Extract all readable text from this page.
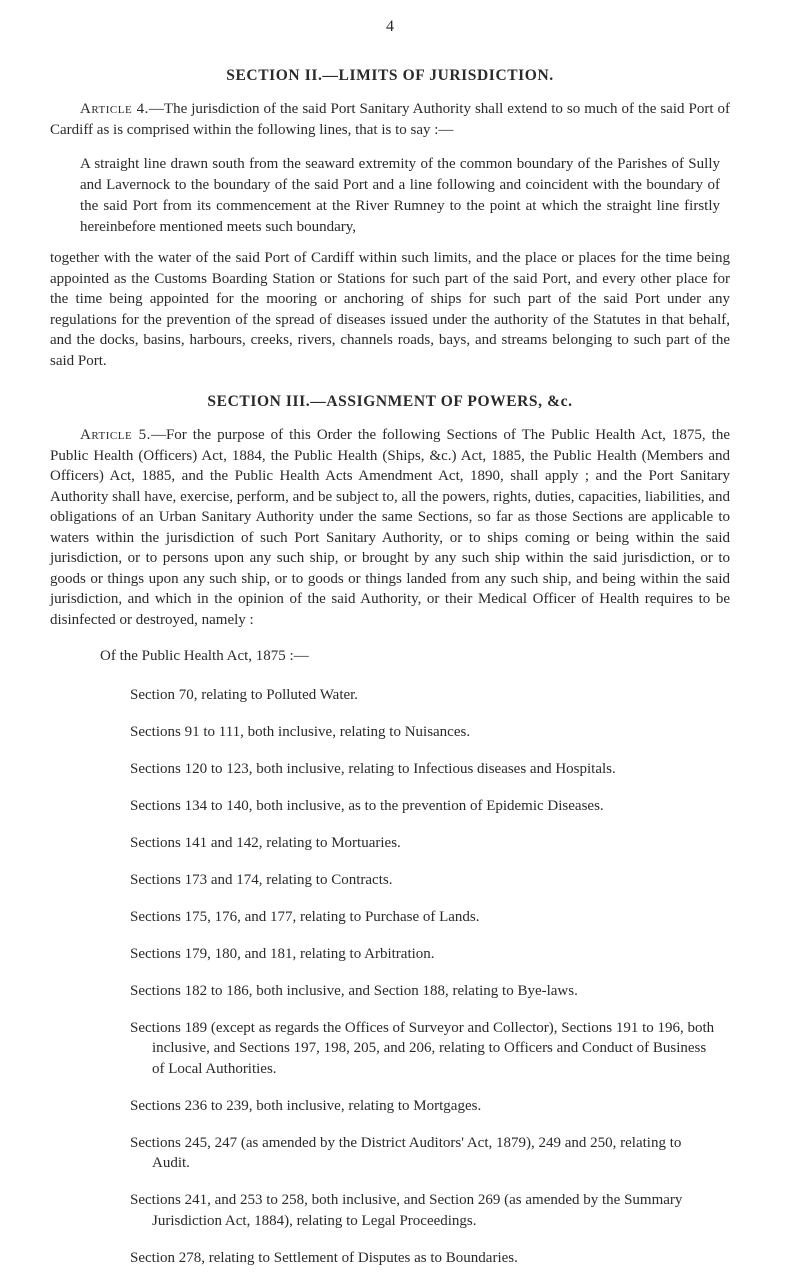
4
SECTION II.—LIMITS OF JURISDICTION.

Article 4.—The jurisdiction of the said Port Sanitary Authority shall extend to so much of the said Port of Cardiff as is comprised within the following lines, that is to say :—

A straight line drawn south from the seaward extremity of the common boundary of the Parishes of Sully and Lavernock to the boundary of the said Port and a line following and coincident with the boundary of the said Port from its commencement at the River Rumney to the point at which the straight line firstly hereinbefore mentioned meets such boundary,

together with the water of the said Port of Cardiff within such limits, and the place or places for the time being appointed as the Customs Boarding Station or Stations for such part of the said Port, and every other place for the time being appointed for the mooring or anchoring of ships for such part of the said Port under any regulations for the prevention of the spread of diseases issued under the authority of the Statutes in that behalf, and the docks, basins, harbours, creeks, rivers, channels roads, bays, and streams belonging to such part of the said Port.

SECTION III.—ASSIGNMENT OF POWERS, &c.

Article 5.—For the purpose of this Order the following Sections of The Public Health Act, 1875, the Public Health (Officers) Act, 1884, the Public Health (Ships, &c.) Act, 1885, the Public Health (Members and Officers) Act, 1885, and the Public Health Acts Amendment Act, 1890, shall apply ; and the Port Sanitary Authority shall have, exercise, perform, and be subject to, all the powers, rights, duties, capacities, liabilities, and obligations of an Urban Sanitary Authority under the same Sections, so far as those Sections are applicable to waters within the jurisdiction of such Port Sanitary Authority, or to ships coming or being within the said jurisdiction, or to persons upon any such ship, or brought by any such ship within the said jurisdiction, or to goods or things upon any such ship, or to goods or things landed from any such ship, and being within the said jurisdiction, and which in the opinion of the said Authority, or their Medical Officer of Health requires to be disinfected or destroyed, namely :

Of the Public Health Act, 1875 :—

Section 70, relating to Polluted Water.

Sections 91 to 111, both inclusive, relating to Nuisances.

Sections 120 to 123, both inclusive, relating to Infectious diseases and Hospitals.

Sections 134 to 140, both inclusive, as to the prevention of Epidemic Diseases.

Sections 141 and 142, relating to Mortuaries.

Sections 173 and 174, relating to Contracts.

Sections 175, 176, and 177, relating to Purchase of Lands.

Sections 179, 180, and 181, relating to Arbitration.

Sections 182 to 186, both inclusive, and Section 188, relating to Bye-laws.

Sections 189 (except as regards the Offices of Surveyor and Collector), Sections 191 to 196, both inclusive, and Sections 197, 198, 205, and 206, relating to Officers and Conduct of Business of Local Authorities.

Sections 236 to 239, both inclusive, relating to Mortgages.

Sections 245, 247 (as amended by the District Auditors' Act, 1879), 249 and 250, relating to Audit.

Sections 241, and 253 to 258, both inclusive, and Section 269 (as amended by the Summary Jurisdiction Act, 1884), relating to Legal Proceedings.

Section 278, relating to Settlement of Disputes as to Boundaries.
